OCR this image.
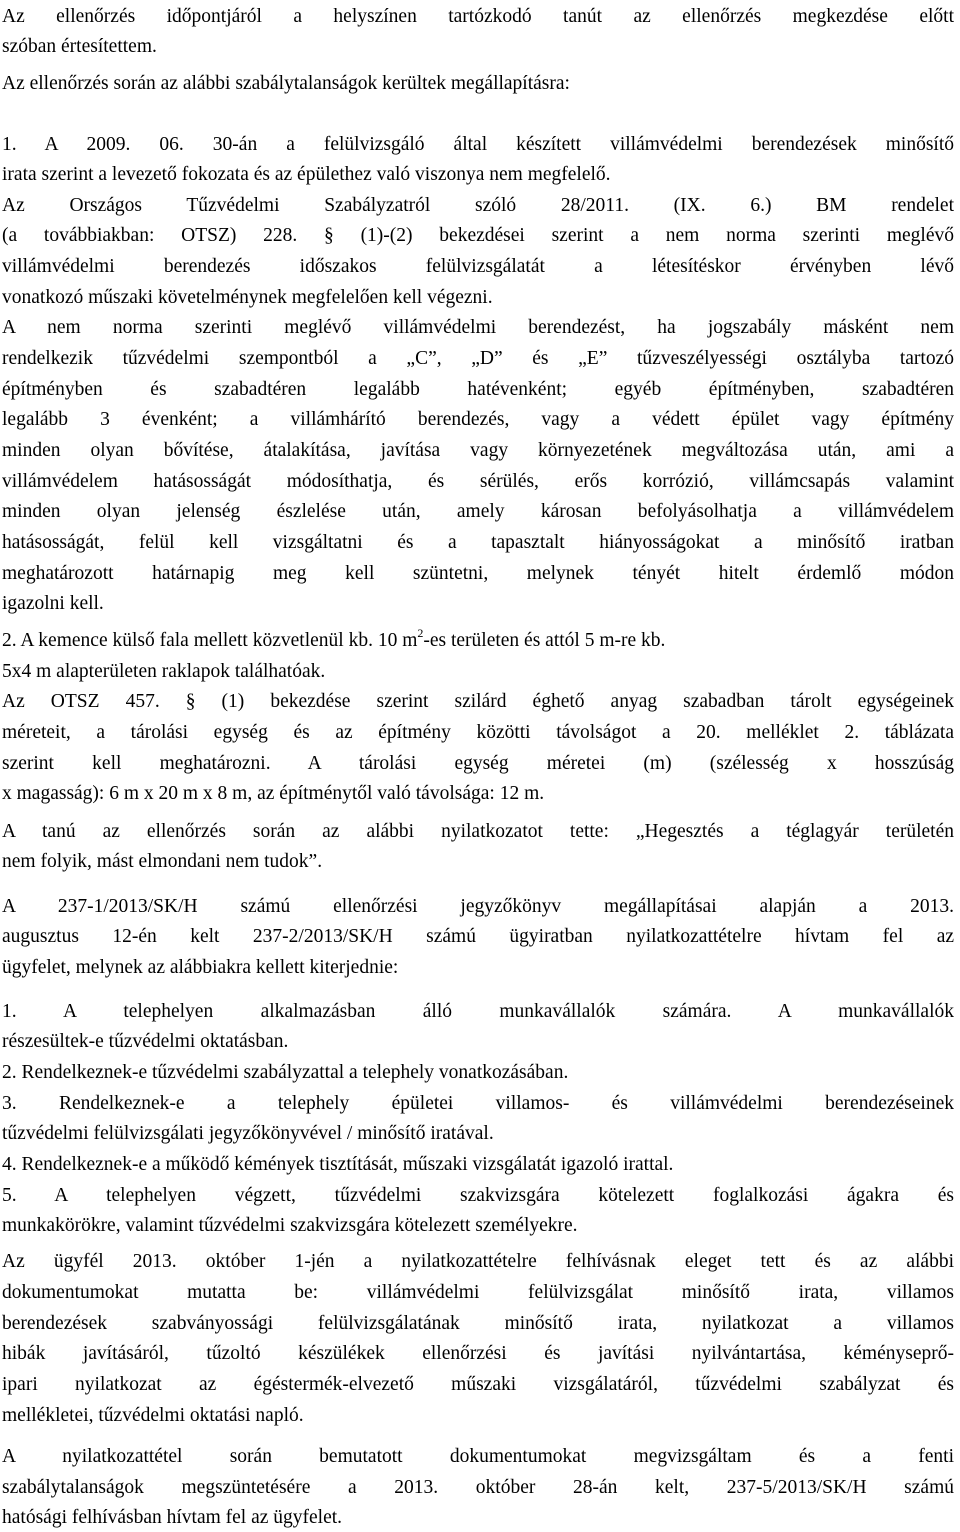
Az ellenőrzés időpontjáról a helyszínen tartózkodó tanút az ellenőrzés megkezdése előtt
szóban értesítettem.
Az ellenőrzés során az alábbi szabálytalanságok kerültek megállapításra:
1. A 2009. 06. 30-án a felülvizsgáló által készített villámvédelmi berendezések minősítő
irata szerint a levezető fokozata és az épülethez való viszonya nem megfelelő.
Az Országos Tűzvédelmi Szabályzatról szóló 28/2011. (IX. 6.) BM rendelet
(a továbbiakban: OTSZ) 228. § (1)-(2) bekezdései szerint a nem norma szerinti meglévő
villámvédelmi berendezés időszakos felülvizsgálatát a létesítéskor érvényben lévő
vonatkozó műszaki követelménynek megfelelően kell végezni.
A nem norma szerinti meglévő villámvédelmi berendezést, ha jogszabály másként nem
rendelkezik tűzvédelmi szempontból a „C”, „D” és „E” tűzveszélyességi osztályba tartozó
építményben és szabadtéren legalább hatévenként; egyéb építményben, szabadtéren
legalább 3 évenként; a villámhárító berendezés, vagy a védett épület vagy építmény
minden olyan bővítése, átalakítása, javítása vagy környezetének megváltozása után, ami a
villámvédelem hatásosságát módosíthatja, és sérülés, erős korrózió, villámcsapás valamint
minden olyan jelenség észlelése után, amely károsan befolyásolhatja a villámvédelem
hatásosságát, felül kell vizsgáltatni és a tapasztalt hiányosságokat a minősítő iratban
meghatározott határnapig meg kell szüntetni, melynek tényét hitelt érdemlő módon
igazolni kell.
2. A kemence külső fala mellett közvetlenül kb. 10 $m^2-es$ területen és attól 5 m-re kb.
5x4 m alapterületen raklapok találhatóak.
Az OTSZ 457. § (1) bekezdése szerint szilárd éghető anyag szabadban tárolt egységeinek
méreteit, a tárolási egység és az építmény közötti távolságot a 20. melléklet 2. táblázata
szerint kell meghatározni. A tárolási egység méretei (m) (szélesség x hosszúság
x magasság): 6 m x 20 m x 8 m, az építménytől való távolsága: 12 m.
A tanú az ellenőrzés során az alábbi nyilatkozatot tette: „Hegesztés a téglagyár területén
nem folyik, mást elmondani nem tudok”.
A 237-1/2013/SK/H számú ellenőrzési jegyzőkönyv megállapításai alapján a 2013.
augusztus 12-én kelt 237-2/2013/SK/H számú ügyiratban nyilatkozattételre hívtam fel az
ügyfelet, melynek az alábbiakra kellett kiterjednie:
1. A telephelyen alkalmazásban álló munkavállalók számára. A munkavállalók
részesültek-e tűzvédelmi oktatásban.
2. Rendelkeznek-e tűzvédelmi szabályzattal a telephely vonatkozásában.
3. Rendelkeznek-e a telephely épületei villamos- és villámvédelmi berendezéseinek
tűzvédelmi felülvizsgálati jegyzőkönyvével / minősítő iratával.
4. Rendelkeznek-e a működő kémények tisztítását, műszaki vizsgálatát igazoló irattal.
5. A telephelyen végzett, tűzvédelmi szakvizsgára kötelezett foglalkozási ágakra és
munkakörökre, valamint tűzvédelmi szakvizsgára kötelezett személyekre.
Az ügyfél 2013. október 1-jén a nyilatkozattételre felhívásnak eleget tett és az alábbi
dokumentumokat mutatta be: villámvédelmi felülvizsgálat minősítő irata, villamos
berendezések szabványossági felülvizsgálatának minősítő irata, nyilatkozat a villamos
hibák javításáról, tűzoltó készülékek ellenőrzési és javítási nyilvántartása, kéményseprő-
ipari nyilatkozat az égéstermék-elvezető műszaki vizsgálatáról, tűzvédelmi szabályzat és
mellékletei, tűzvédelmi oktatási napló.
A nyilatkozattétel során bemutatott dokumentumokat megvizsgáltam és a fenti
szabálytalanságok megszüntetésére a 2013. október 28-án kelt, 237-5/2013/SK/H számú
hatósági felhívásban hívtam fel az ügyfelet.
